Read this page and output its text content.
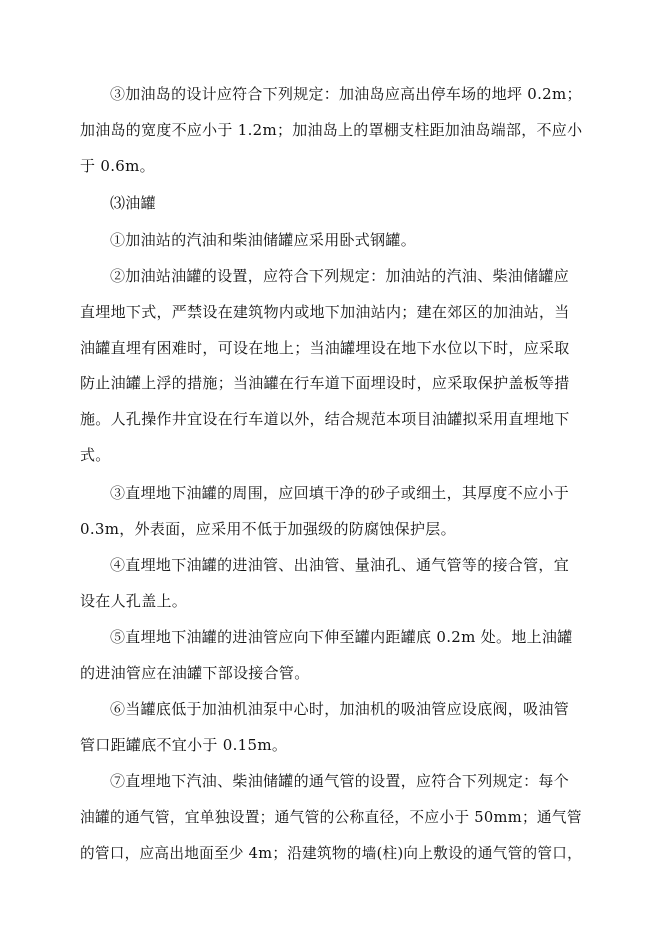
③加油岛的设计应符合下列规定：加油岛应高出停车场的地坪 0.2m；
加油岛的宽度不应小于 1.2m；加油岛上的罩棚支柱距加油岛端部，不应小
于 0.6m。
⑶油罐
①加油站的汽油和柴油储罐应采用卧式钢罐。
②加油站油罐的设置，应符合下列规定：加油站的汽油、柴油储罐应
直埋地下式，严禁设在建筑物内或地下加油站内；建在郊区的加油站，当
油罐直埋有困难时，可设在地上；当油罐埋设在地下水位以下时，应采取
防止油罐上浮的措施；当油罐在行车道下面埋设时，应采取保护盖板等措
施。人孔操作井宜设在行车道以外，结合规范本项目油罐拟采用直埋地下
式。
③直埋地下油罐的周围，应回填干净的砂子或细土，其厚度不应小于
0.3m，外表面，应采用不低于加强级的防腐蚀保护层。
④直埋地下油罐的进油管、出油管、量油孔、通气管等的接合管，宜
设在人孔盖上。
⑤直埋地下油罐的进油管应向下伸至罐内距罐底 0.2m 处。地上油罐
的进油管应在油罐下部设接合管。
⑥当罐底低于加油机油泵中心时，加油机的吸油管应设底阀，吸油管
管口距罐底不宜小于 0.15m。
⑦直埋地下汽油、柴油储罐的通气管的设置，应符合下列规定：每个
油罐的通气管，宜单独设置；通气管的公称直径，不应小于 50mm；通气管
的管口，应高出地面至少 4m；沿建筑物的墙(柱)向上敷设的通气管的管口，
